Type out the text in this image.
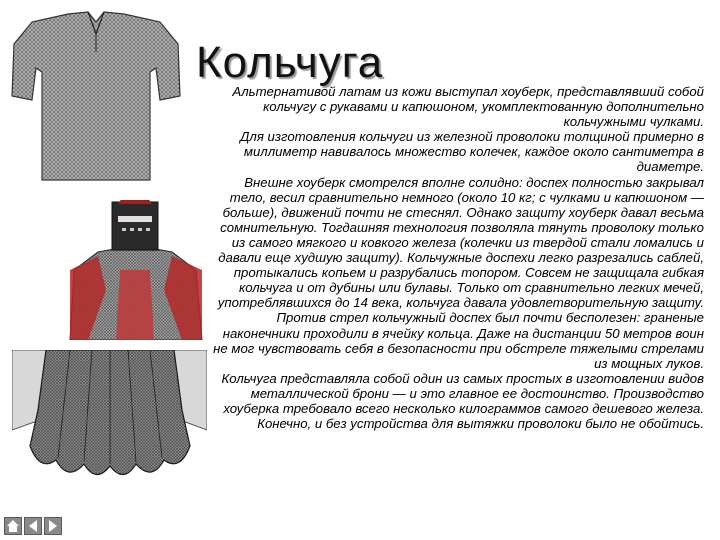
Кольчуга

Альтернативой латам из кожи выступал хоуберк, представлявший собой кольчугу с рукавами и капюшоном, укомплектованную дополнительно кольчужными чулками.

Для изготовления кольчуги из железной проволоки толщиной примерно в миллиметр навивалось множество колечек, каждое около сантиметра в диаметре.

Внешне хоуберк смотрелся вполне солидно: доспех полностью закрывал тело, весил сравнительно немного (около 10 кг; с чулками и капюшоном — больше), движений почти не стеснял. Однако защиту хоуберк давал весьма сомнительную. Тогдашняя технология позволяла тянуть проволоку только из самого мягкого и ковкого железа (колечки из твердой стали ломались и давали еще худшую защиту). Кольчужные доспехи легко разрезались саблей, протыкались копьем и разрубались топором. Совсем не защищала гибкая кольчуга и от дубины или булавы. Только от сравнительно легких мечей, употреблявшихся до 14 века, кольчуга давала удовлетворительную защиту.

Против стрел кольчужный доспех был почти бесполезен: граненые наконечники проходили в ячейку кольца. Даже на дистанции 50 метров воин не мог чувствовать себя в безопасности при обстреле тяжелыми стрелами из мощных луков.

Кольчуга представляла собой один из самых простых в изготовлении видов металлической брони — и это главное ее достоинство. Производство хоуберка требовало всего несколько килограммов самого дешевого железа. Конечно, и без устройства для вытяжки проволоки было не обойтись.
